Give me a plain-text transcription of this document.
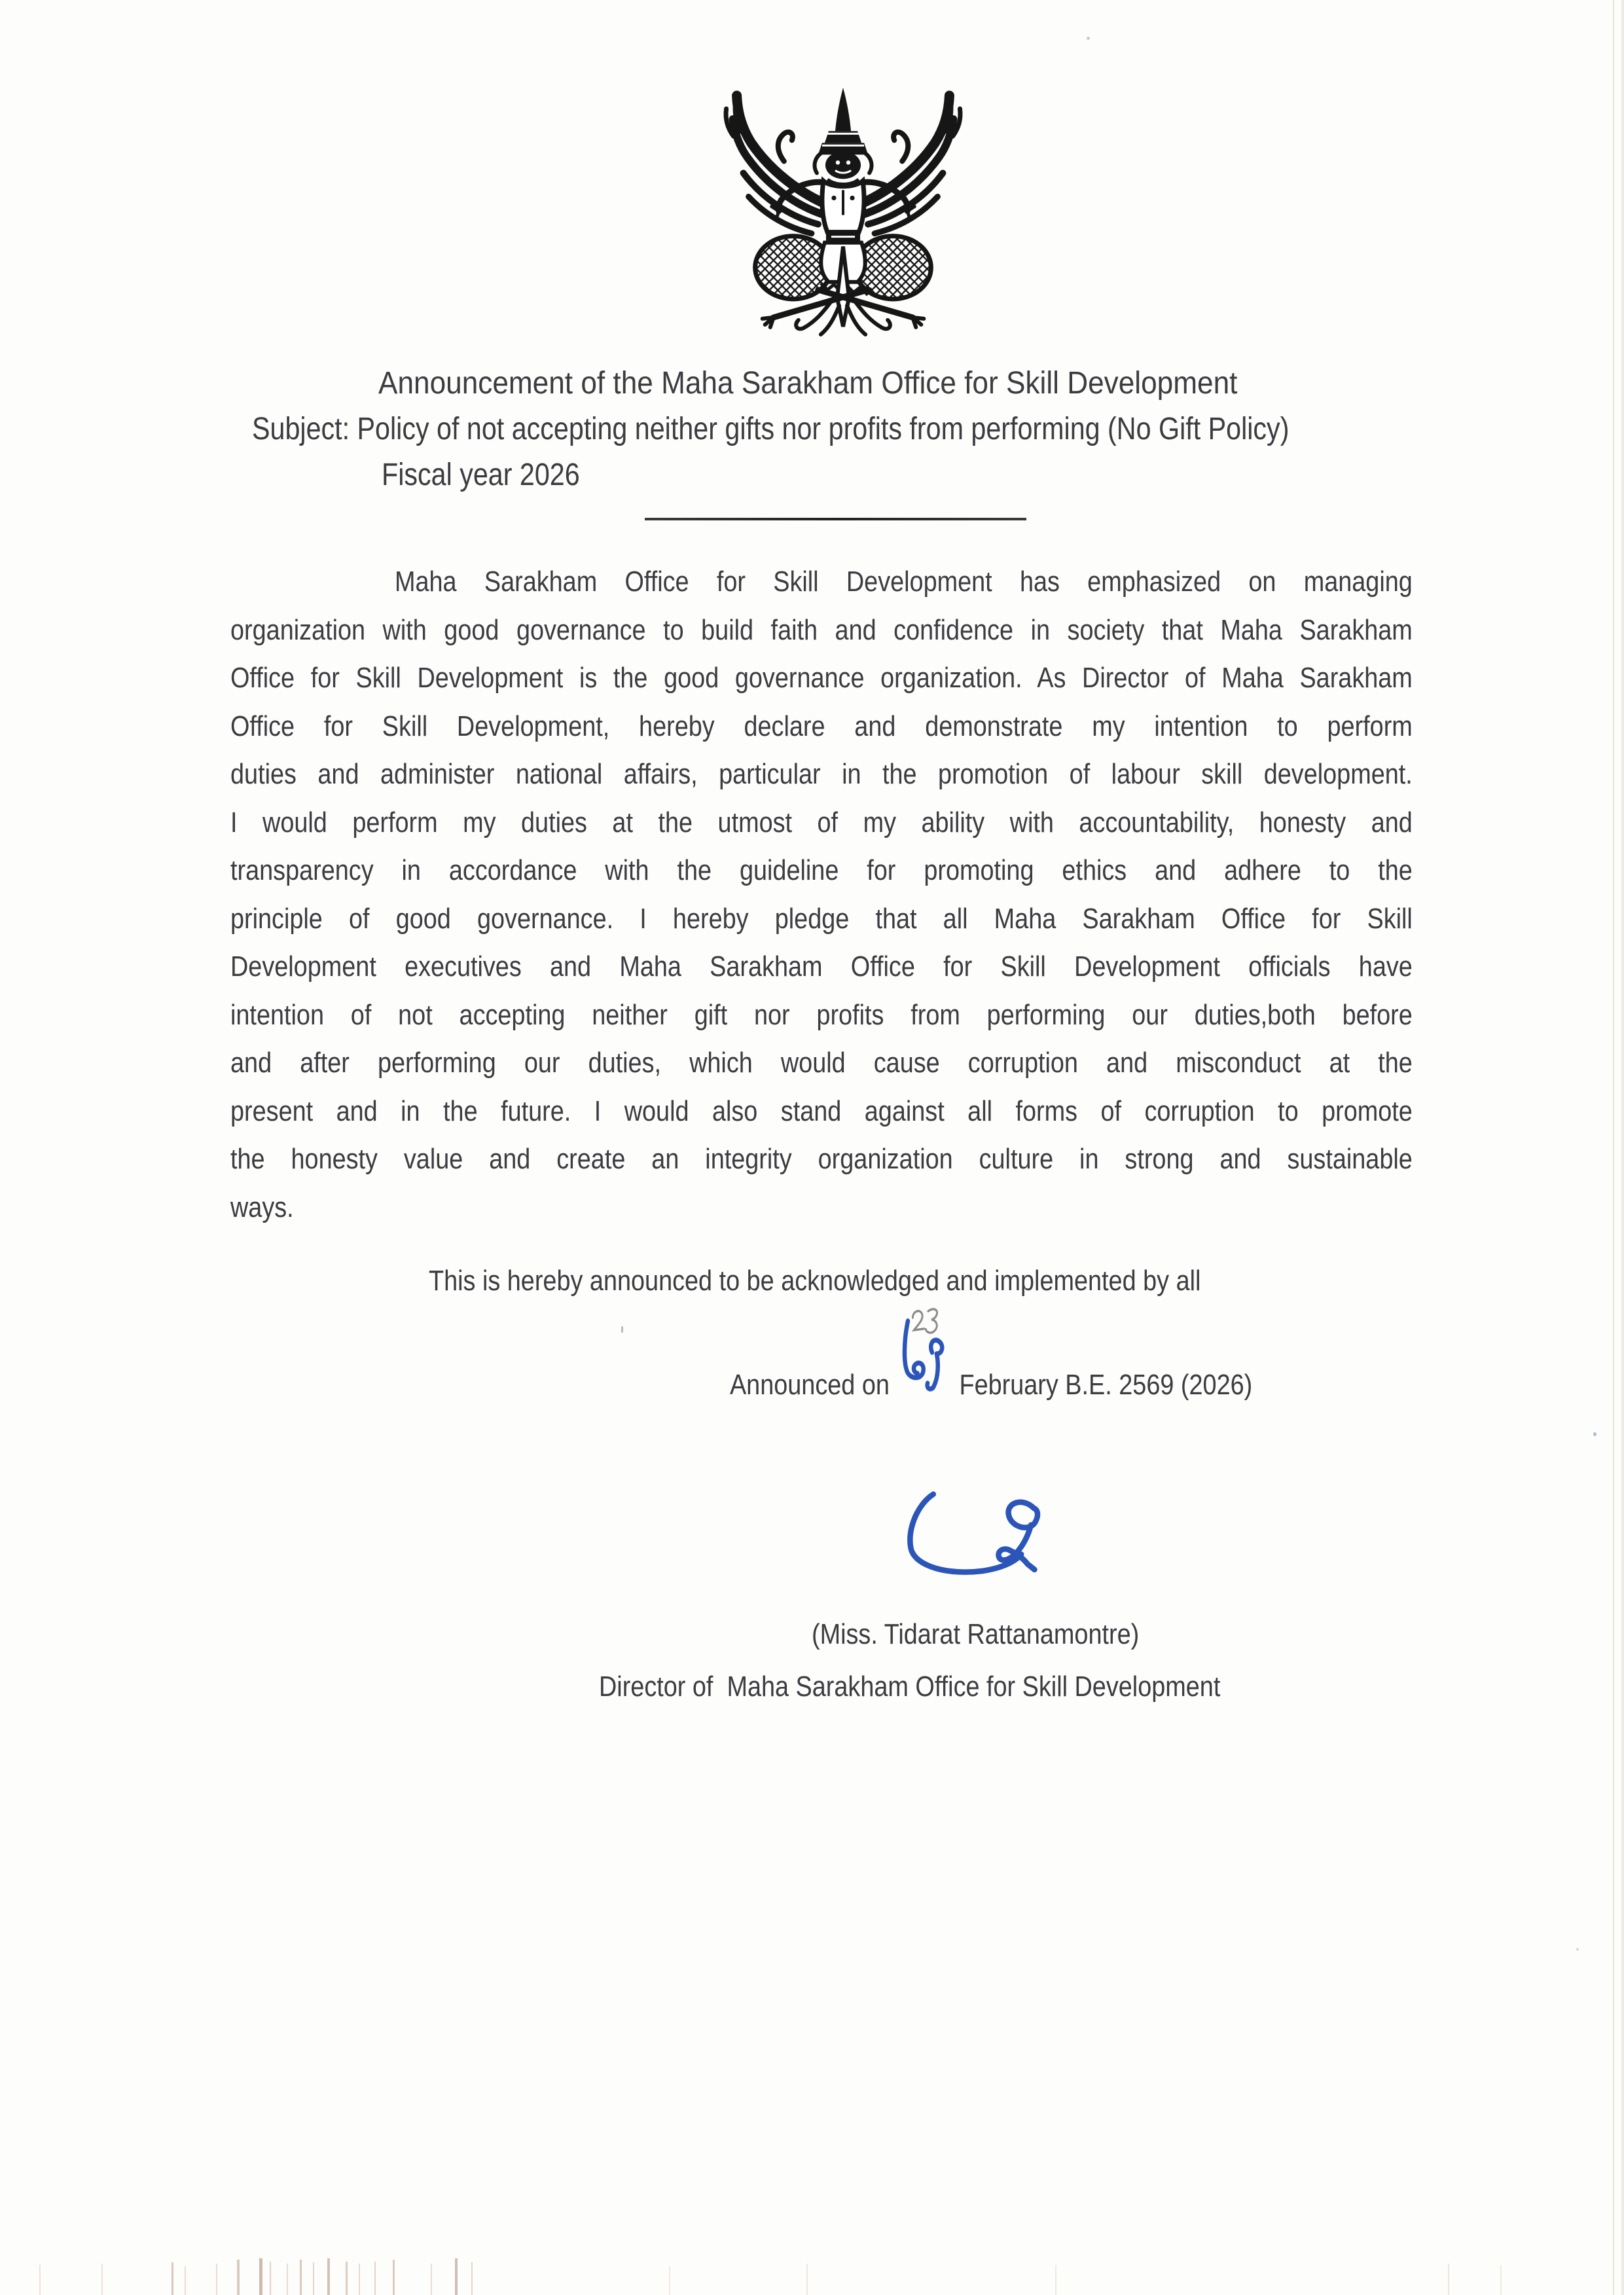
Announcement of the Maha Sarakham Office for Skill Development
Subject: Policy of not accepting neither gifts nor profits from performing (No Gift Policy)
Fiscal year 2026
Maha Sarakham Office for Skill Development has emphasized on managing
organization with good governance to build faith and confidence in society that Maha Sarakham
Office for Skill Development is the good governance organization. As Director of Maha Sarakham
Office for Skill Development, hereby declare and demonstrate my intention to perform
duties and administer national affairs, particular in the promotion of labour skill development.
I would perform my duties at the utmost of my ability with accountability, honesty and
transparency in accordance with the guideline for promoting ethics and adhere to the
principle of good governance. I hereby pledge that all Maha Sarakham Office for Skill
Development executives and Maha Sarakham Office for Skill Development officials have
intention of not accepting neither gift nor profits from performing our duties,both before
and after performing our duties, which would cause corruption and misconduct at the
present and in the future. I would also stand against all forms of corruption to promote
the honesty value and create an integrity organization culture in strong and sustainable
ways.
This is hereby announced to be acknowledged and implemented by all

Announced on February B.E. 2569 (2026)

(Miss. Tidarat Rattanamontre)
Director of  Maha Sarakham Office for Skill Development
